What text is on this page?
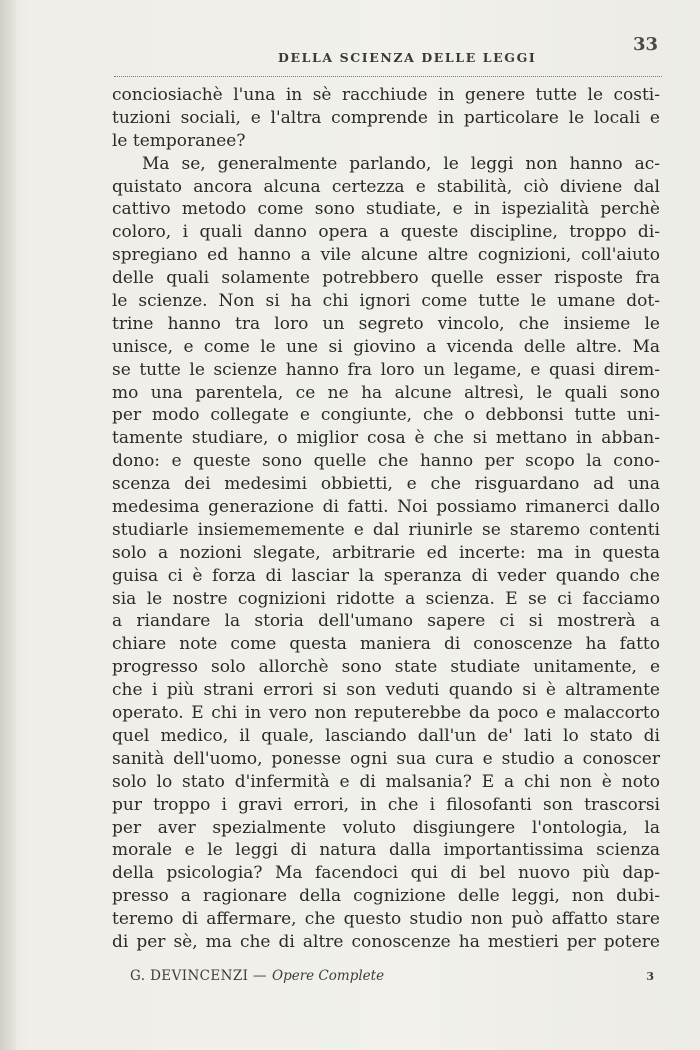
DELLA SCIENZA DELLE LEGGI
33
conciosiachè l'una in sè racchiude in genere tutte le costi-
tuzioni sociali, e l'altra comprende in particolare le locali e
le temporanee?
Ma se, generalmente parlando, le leggi non hanno ac-
quistato ancora alcuna certezza e stabilità, ciò diviene dal
cattivo metodo come sono studiate, e in ispezialità perchè
coloro, i quali danno opera a queste discipline, troppo di-
spregiano ed hanno a vile alcune altre cognizioni, coll'aiuto
delle quali solamente potrebbero quelle esser risposte fra
le scienze. Non si ha chi ignori come tutte le umane dot-
trine hanno tra loro un segreto vincolo, che insieme le
unisce, e come le une si giovino a vicenda delle altre. Ma
se tutte le scienze hanno fra loro un legame, e quasi direm-
mo una parentela, ce ne ha alcune altresì, le quali sono
per modo collegate e congiunte, che o debbonsi tutte uni-
tamente studiare, o miglior cosa è che si mettano in abban-
dono: e queste sono quelle che hanno per scopo la cono-
scenza dei medesimi obbietti, e che risguardano ad una
medesima generazione di fatti. Noi possiamo rimanerci dallo
studiarle insiemememente e dal riunirle se staremo contenti
solo a nozioni slegate, arbitrarie ed incerte: ma in questa
guisa ci è forza di lasciar la speranza di veder quando che
sia le nostre cognizioni ridotte a scienza. E se ci facciamo
a riandare la storia dell'umano sapere ci si mostrerà a
chiare note come questa maniera di conoscenze ha fatto
progresso solo allorchè sono state studiate unitamente, e
che i più strani errori si son veduti quando si è altramente
operato. E chi in vero non reputerebbe da poco e malaccorto
quel medico, il quale, lasciando dall'un de' lati lo stato di
sanità dell'uomo, ponesse ogni sua cura e studio a conoscer
solo lo stato d'infermità e di malsania? E a chi non è noto
pur troppo i gravi errori, in che i filosofanti son trascorsi
per aver spezialmente voluto disgiungere l'ontologia, la
morale e le leggi di natura dalla importantissima scienza
della psicologia? Ma facendoci qui di bel nuovo più dap-
presso a ragionare della cognizione delle leggi, non dubi-
teremo di affermare, che questo studio non può affatto stare
di per sè, ma che di altre conoscenze ha mestieri per potere
G. DEVINCENZI — Opere Complete	3
